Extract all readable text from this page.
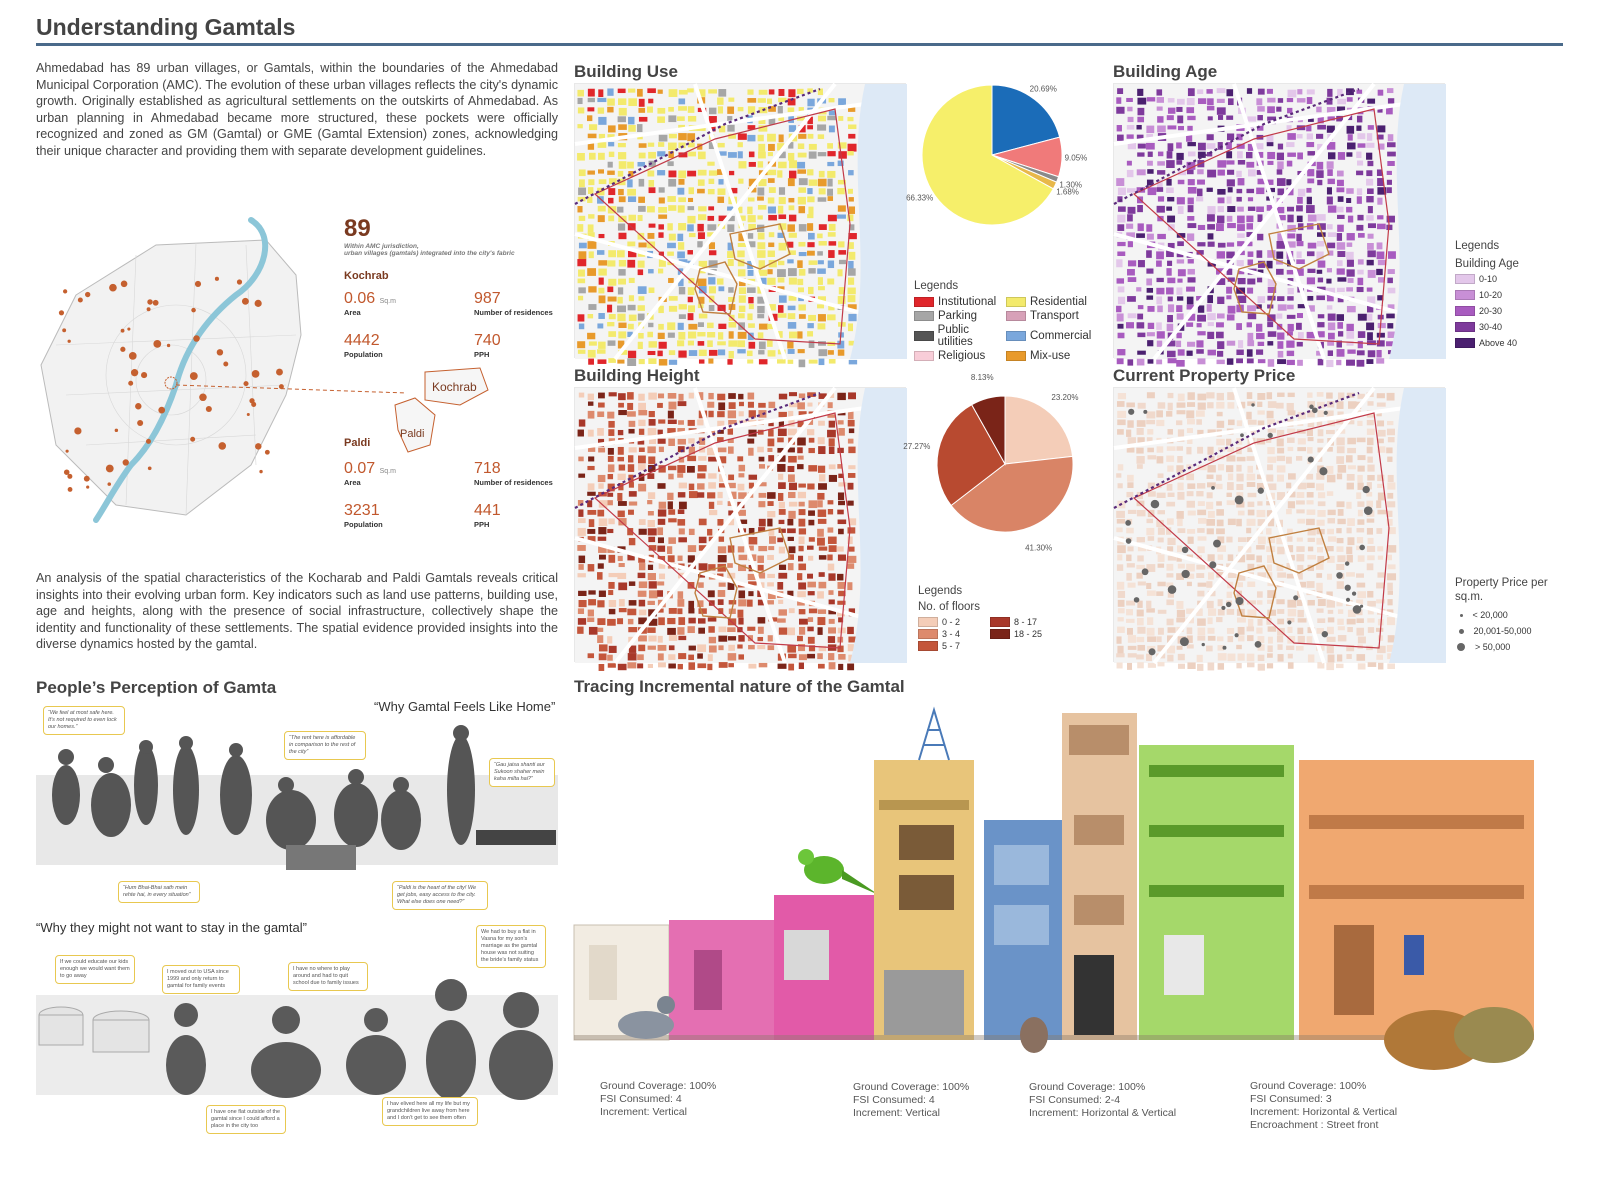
Understanding Gamtals
Ahmedabad has 89 urban villages, or Gamtals, within the boundaries of the Ahmedabad Municipal Corporation (AMC). The evolution of these urban villages reflects the city's dynamic growth. Originally established as agricultural settlements on the outskirts of Ahmedabad. As urban planning in Ahmedabad became more structured, these pockets were officially recognized and zoned as GM (Gamtal) or GME (Gamtal Extension) zones, acknowledging their unique character and providing them with separate development guidelines.
Kochrab
Paldi
89
Within AMC jurisdiction,
urban villages (gamtals) integrated into the city's fabric
Kochrab
0.06 Sq.m
Area
987
Number of residences
4442
Population
740
PPH
Paldi
0.07 Sq.m
Area
718
Number of residences
3231
Population
441
PPH
An analysis of the spatial characteristics of the Kocharab and Paldi Gamtals reveals critical insights into their evolving urban form. Key indicators such as land use patterns, building use, age and heights, along with the presence of social infrastructure, collectively shape the identity and functionality of these settlements. The spatial evidence provided insights into the diverse dynamics hosted by the gamtal.
Building Use
20.69%
9.05%
1.30%
1.68%
66.33%
Legends
Institutional	Residential
Parking	Transport
Public utilities	Commercial
Religious	Mix-use
Building Age
Legends
Building Age
0-10
10-20
20-30
30-40
Above 40
Building Height
23.20%
41.30%
27.27%
8.13%
Legends
No. of floors
0 - 2	8 - 17
3 - 4	18 - 25
5 - 7
Current Property Price
Property Price per sq.m.
< 20,000
20,001-50,000
> 50,000
People’s Perception of Gamta
“Why Gamtal Feels Like Home”
“We feel at most safe here. It’s not required to even lock our homes.”
“The rent here is affordable in comparison to the rest of the city”
“Gau jaisa shanti aur Sukoon shaher mein kaha milta hai?”
“Hum Bhai-Bhai sath mein rehte hai, in every situation”
“Paldi is the heart of the city! We get jobs, easy access to the city. What else does one need?”
“Why they might not want to stay in the gamtal”
If we could educate our kids enough we would want them to go away
I moved out to USA since 1999 and only return to gamtal for family events
I have no where to play around and had to quit school due to family issues
We had to buy a flat in Vasna for my son’s marriage as the gamtal house was not suiting the bride’s family status
I have one flat outside of the gamtal since I could afford a place in the city too
I hav elived here all my life but my grandchildren live away from here and I don’t get to see them often
Tracing Incremental nature of the Gamtal
Ground Coverage: 100%
FSI Consumed: 4
Increment: Vertical
Ground Coverage: 100%
FSI Consumed: 4
Increment: Vertical
Ground Coverage: 100%
FSI Consumed: 2-4
Increment: Horizontal & Vertical
Ground Coverage: 100%
FSI Consumed: 3
Increment: Horizontal & Vertical
Encroachment : Street front
